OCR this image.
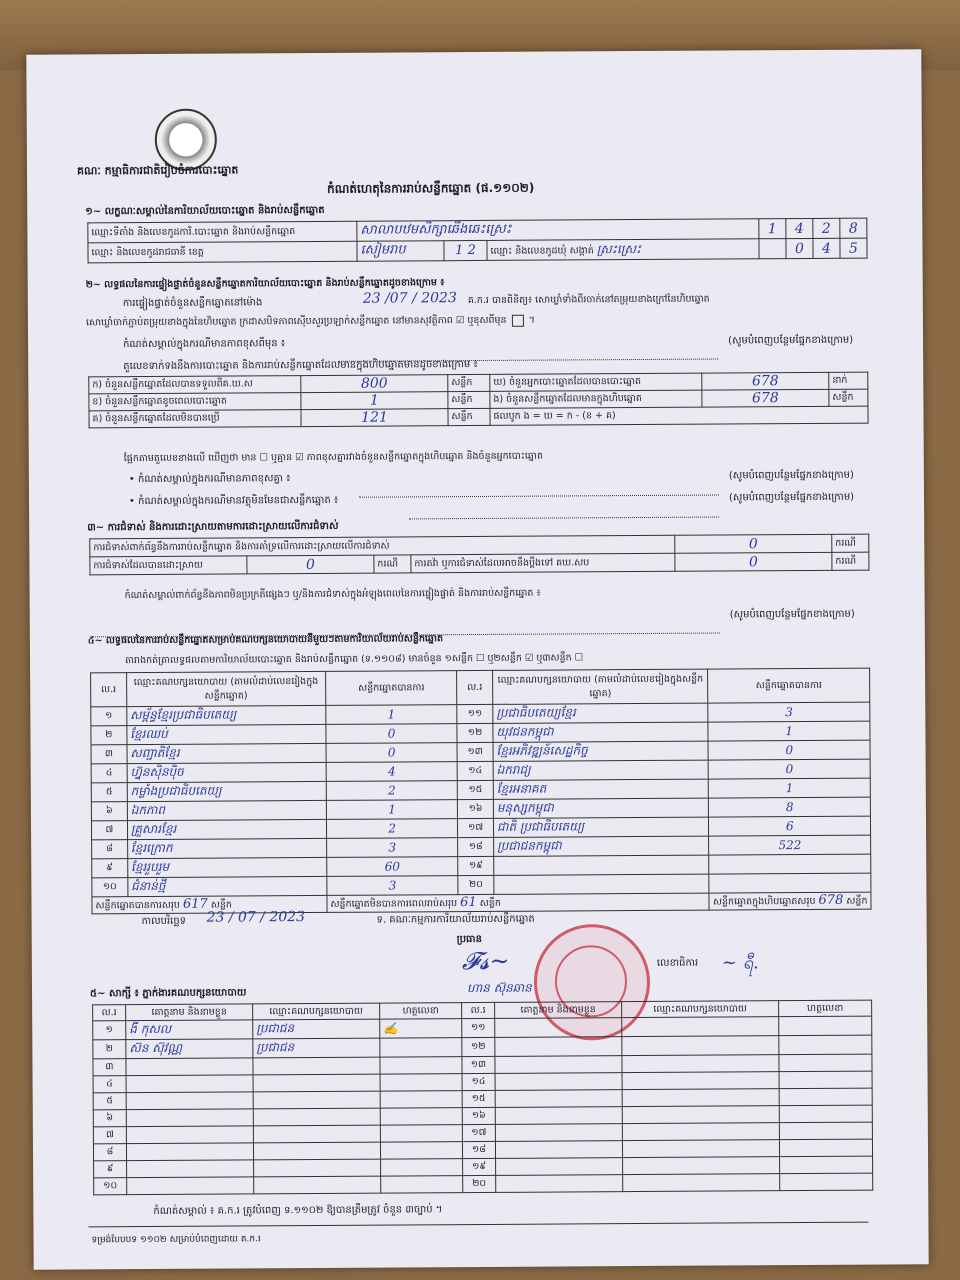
គណៈ កម្មាធិការជាតិរៀបចំការបោះឆ្នោត
កំណត់ហេតុនៃការរាប់សន្លឹកឆ្នោត (ផ.១១០២)
១~ លក្ខណៈសម្គាល់នៃការិយាល័យបោះឆ្នោត និងរាប់សន្លឹកឆ្នោត
ឈ្មោះទីតាំង និងលេខកូដការិ.បោះឆ្នោត និងរាប់សន្លឹកឆ្នោត	សាលាបឋមសិក្សាឆើងឆេះស្រេះ			1	4	2	8
ឈ្មោះ និងលេខកូដរាជធានី ខេត្ត	សៀមរាប	1 2	ឈ្មោះ និងលេខកូដឃុំ សង្កាត់ ស្រះស្រេះ		0	4	5
២~ លទ្ធផលនៃការផ្ទៀងផ្ទាត់ចំនួនសន្លឹកឆ្នោតការិយាល័យបោះឆ្នោត និងរាប់សន្លឹកឆ្នោតដូចខាងក្រោម ៖
ការផ្ទៀងផ្ទាត់ចំនួនសន្លឹកឆ្នោតនៅម៉ោង	23 /07 / 2023 គ.ក.រ បានពិនិត្យ៖ សោឃ្លាំទាំងពីរចាក់នៅតម្រុយខាងក្រៅនៃហិបឆ្នោត
សោឃ្លាំចាក់ភ្ជាប់តម្រុយខាងក្នុងនៃហិបឆ្នោត ក្រដាសបិទភាពស៊ើបសួរប្រឡាក់សន្លឹកឆ្នោត នៅមានសុវត្ថិភាព ☑ ឬខុសពីមុន  ។
កំណត់សម្គាល់ក្នុងករណីមានភាពខុសពីមុន ៖	(សូមបំពេញបន្ថែមផ្នែកខាងក្រោម)
តួលេខទាក់ទងនឹងការបោះឆ្នោត និងការរាប់សន្លឹកឆ្នោតដែលមានក្នុងហិបឆ្នោតមានដូចខាងក្រោម ៖
ក) ចំនួនសន្លឹកឆ្នោតដែលបានទទួលពីគ.ឃ.ស	800	សន្លឹក	ឃ) ចំនួនអ្នកបោះឆ្នោតដែលបានបោះឆ្នោត	678	នាក់
ខ) ចំនួនសន្លឹកឆ្នោតខូចពេលបោះឆ្នោត	1	សន្លឹក	ង) ចំនួនសន្លឹកឆ្នោតដែលមានក្នុងហិបឆ្នោត	678	សន្លឹក
គ) ចំនួនសន្លឹកឆ្នោតដែលមិនបានប្រើ	121	សន្លឹក	ផលបូក ង = ឃ = ក - (ខ + គ)		
ផ្អែកតាមតួលេខខាងលើ ឃើញថា មាន ☐ ឬគ្មាន ☑ ភាពខុសគ្នារវាងចំនួនសន្លឹកឆ្នោតក្នុងហិបឆ្នោត និងចំនួនអ្នកបោះឆ្នោត
• កំណត់សម្គាល់ក្នុងករណីមានភាពខុសគ្នា ៖	(សូមបំពេញបន្ថែមផ្នែកខាងក្រោម)
• កំណត់សម្គាល់ក្នុងករណីមានវត្ថុមិនមែនជាសន្លឹកឆ្នោត ៖	(សូមបំពេញបន្ថែមផ្នែកខាងក្រោម)
៣~ ការជំទាស់ និងការដោះស្រាយតាមការដោះស្រាយលើការជំទាស់
ការជំទាស់ពាក់ព័ន្ធនឹងការរាប់សន្លឹកឆ្នោត និងការគាំទ្រលើការដោះស្រាយលើការជំទាស់				0	ករណី
ការជំទាស់ដែលបានដោះស្រាយ	0	ករណី	ការតវ៉ា ឬការជំទាស់ដែលអាចនឹងប្ដឹងទៅ គឃ.សប	0	ករណី
កំណត់សម្គាល់ពាក់ព័ន្ធនឹងភាពមិនប្រក្រតីផ្សេងៗ ឬ/និងការជំទាស់ក្នុងអំឡុងពេលនៃការផ្ទៀងផ្ទាត់ និងការរាប់សន្លឹកឆ្នោត ៖
(សូមបំពេញបន្ថែមផ្នែកខាងក្រោម)
៤~ លទ្ធផលនៃការរាប់សន្លឹកឆ្នោតសម្រាប់គណបក្សនយោបាយនីមួយៗតាមការិយាល័យរាប់សន្លឹកឆ្នោត
តារាងកត់ត្រាលទ្ធផលតាមការិយាល័យបោះឆ្នោត និងរាប់សន្លឹកឆ្នោត (ទ.១១០៨) មានចំនួន ១សន្លឹក ☐ ឬ២សន្លឹក ☑ ឬ៣សន្លឹក ☐
ល.រ	ឈ្មោះគណបក្សនយោបាយ (តាមលំដាប់លេខរៀងក្នុងសន្លឹកឆ្នោត)	សន្លឹកឆ្នោតបានការ	ល.រ	ឈ្មោះគណបក្សនយោបាយ (តាមលំដាប់លេខរៀងក្នុងសន្លឹកឆ្នោត)	សន្លឹកឆ្នោតបានការ
១	សម្ព័ន្ធខ្មែរប្រជាធិបតេយ្យ	1	១១	ប្រជាធិបតេយ្យខ្មែរ	3
២	ខ្មែរឈប់	0	១២	យុវជនកម្ពុជា	1
៣	សញ្ជាតិខ្មែរ	0	១៣	ខ្មែរអភិវឌ្ឍន៍សេដ្ឋកិច្ច	0
៤	ហ្វ៊ុនស៊ិនប៉ិច	4	១៤	ឯករាជ្យ	0
៥	កម្លាំងប្រជាធិបតេយ្យ	2	១៥	ខ្មែរអនាគត	1
៦	ឯកភាព	1	១៦	មនុស្សកម្ពុជា	8
៧	គ្រួសារខ្មែរ	2	១៧	ជាតិ ប្រជាធិបតេយ្យ	6
៨	ខ្មែរក្រោក	3	១៨	ប្រជាជនកម្ពុជា	522
៩	ខ្មែររួបរួម	60	១៩		
១០	ជំនាន់ថ្មី	3	២០		
សន្លឹកឆ្នោតបានការសរុប 617 សន្លឹក		សន្លឹកឆ្នោតមិនបានការពេលរាប់សរុប 61 សន្លឹក			សន្លឹកឆ្នោតក្នុងហិបឆ្នោតសរុប 678 សន្លឹក
កាលបរិច្ឆេទ 23 / 07 / 2023	ទ. គណៈកម្មការការិយាល័យរាប់សន្លឹកឆ្នោត
ប្រធាន
𝓕𝓼~
ហាន ស៊ុនឆាន
លេខាធិការ ~ ရီ.
៥~ សាក្សី ៖ ភ្នាក់ងារគណបក្សនយោបាយ
ល.រ	គោត្តនាម និងនាមខ្លួន	ឈ្មោះគណបក្សនយោបាយ	ហត្ថលេខា	ល.រ	គោត្តនាម និងនាមខ្លួន	ឈ្មោះគណបក្សនយោបាយ	ហត្ថលេខា
១	ងី កុសល	ប្រជាជន	✍	១១			
២	ស៊ន ស៊ុវណ្ណ	ប្រជាជន		១២			
៣				១៣			
៤				១៤			
៥				១៥			
៦				១៦			
៧				១៧			
៨				១៨			
៩				១៩			
១០				២០			
កំណត់សម្គាល់ ៖ គ.ក.រ ត្រូវបំពេញ ទ.១១០២ ឱ្យបានត្រឹមត្រូវ ចំនួន ៣ច្បាប់ ។
ទម្រង់បែបបទ ១១០២ សម្រាប់បំពេញដោយ គ.ក.រ
